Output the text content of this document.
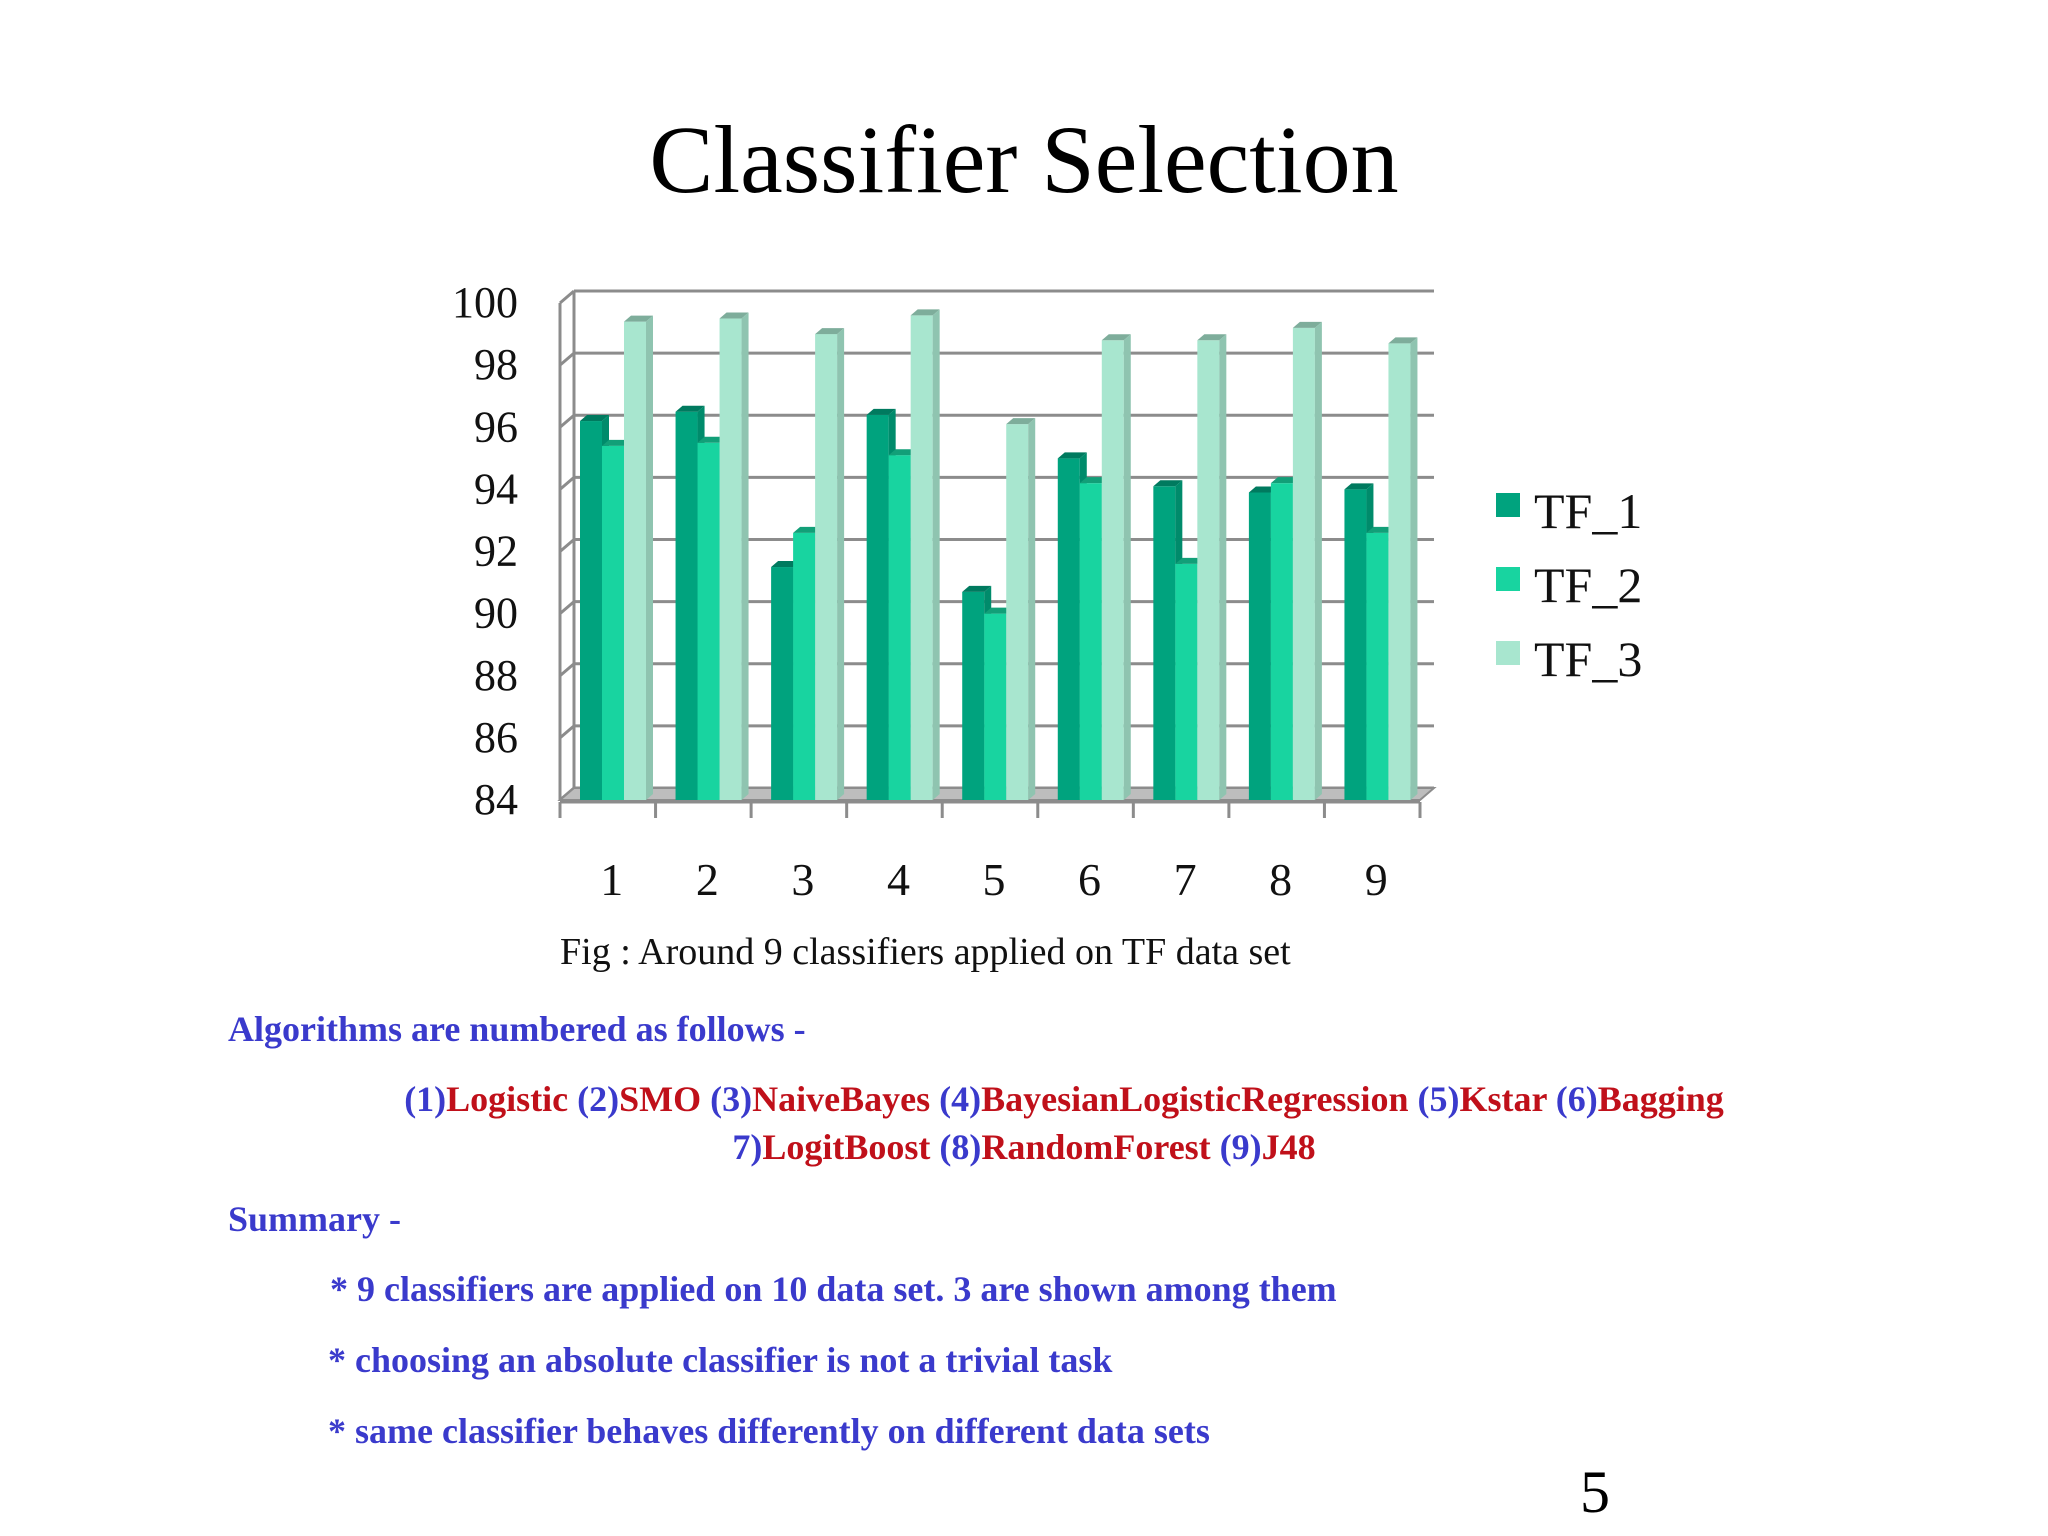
Classifier Selection
84
86
88
90
92
94
96
98
100
1 2 3 4 5 6 7 8 9
TF_1
TF_2
TF_3
Fig : Around 9 classifiers applied on TF data set
Algorithms are numbered as follows -
(1)Logistic (2)SMO (3)NaiveBayes (4)BayesianLogisticRegression (5)Kstar (6)Bagging
7)LogitBoost (8)RandomForest (9)J48
Summary -
* 9 classifiers are applied on 10 data set. 3 are shown among them
* choosing an absolute classifier is not a trivial task
* same classifier behaves differently on different data sets
5
